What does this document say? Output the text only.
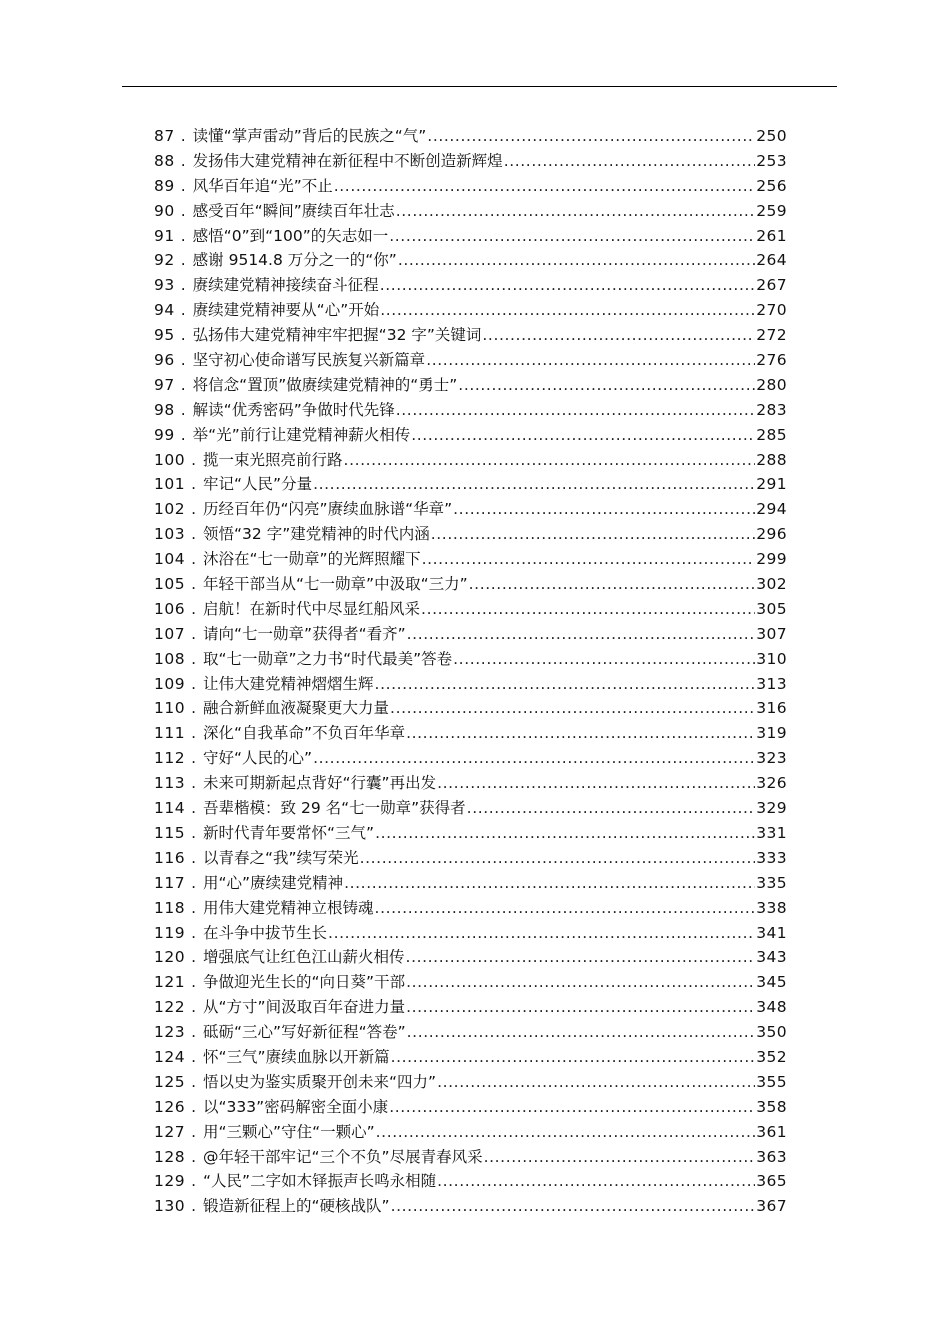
87 . 读懂“掌声雷动”背后的民族之“气” .....	250
88 . 发扬伟大建党精神在新征程中不断创造新辉煌 .....	253
89 . 风华百年追“光”不止 .....	256
90 . 感受百年“瞬间”赓续百年壮志 .....	259
91 . 感悟“0”到“100”的矢志如一 .....	261
92 . 感谢 9514.8 万分之一的“你” .....	264
93 . 赓续建党精神接续奋斗征程 .....	267
94 . 赓续建党精神要从“心”开始 .....	270
95 . 弘扬伟大建党精神牢牢把握“32 字”关键词 .....	272
96 . 坚守初心使命谱写民族复兴新篇章 .....	276
97 . 将信念“置顶”做赓续建党精神的“勇士” .....	280
98 . 解读“优秀密码”争做时代先锋 .....	283
99 . 举“光”前行让建党精神薪火相传 .....	285
100 . 揽一束光照亮前行路 .....	288
101 . 牢记“人民”分量 .....	291
102 . 历经百年仍“闪亮”赓续血脉谱“华章” .....	294
103 . 领悟“32 字”建党精神的时代内涵 .....	296
104 . 沐浴在“七一勋章”的光辉照耀下 .....	299
105 . 年轻干部当从“七一勋章”中汲取“三力” .....	302
106 . 启航！在新时代中尽显红船风采 .....	305
107 . 请向“七一勋章”获得者“看齐” .....	307
108 . 取“七一勋章”之力书“时代最美”答卷 .....	310
109 . 让伟大建党精神熠熠生辉 .....	313
110 . 融合新鲜血液凝聚更大力量 .....	316
111 . 深化“自我革命”不负百年华章 .....	319
112 . 守好“人民的心” .....	323
113 . 未来可期新起点背好“行囊”再出发 .....	326
114 . 吾辈楷模：致 29 名“七一勋章”获得者 .....	329
115 . 新时代青年要常怀“三气” .....	331
116 . 以青春之“我”续写荣光 .....	333
117 . 用“心”赓续建党精神 .....	335
118 . 用伟大建党精神立根铸魂 .....	338
119 . 在斗争中拔节生长 .....	341
120 . 增强底气让红色江山薪火相传 .....	343
121 . 争做迎光生长的“向日葵”干部 .....	345
122 . 从“方寸”间汲取百年奋进力量 .....	348
123 . 砥砺“三心”写好新征程“答卷” .....	350
124 . 怀“三气”赓续血脉以开新篇 .....	352
125 . 悟以史为鉴实质聚开创未来“四力” .....	355
126 . 以“333”密码解密全面小康 .....	358
127 . 用“三颗心”守住“一颗心” .....	361
128 . @年轻干部牢记“三个不负”尽展青春风采 .....	363
129 . “人民”二字如木铎振声长鸣永相随 .....	365
130 . 锻造新征程上的“硬核战队” .....	367
